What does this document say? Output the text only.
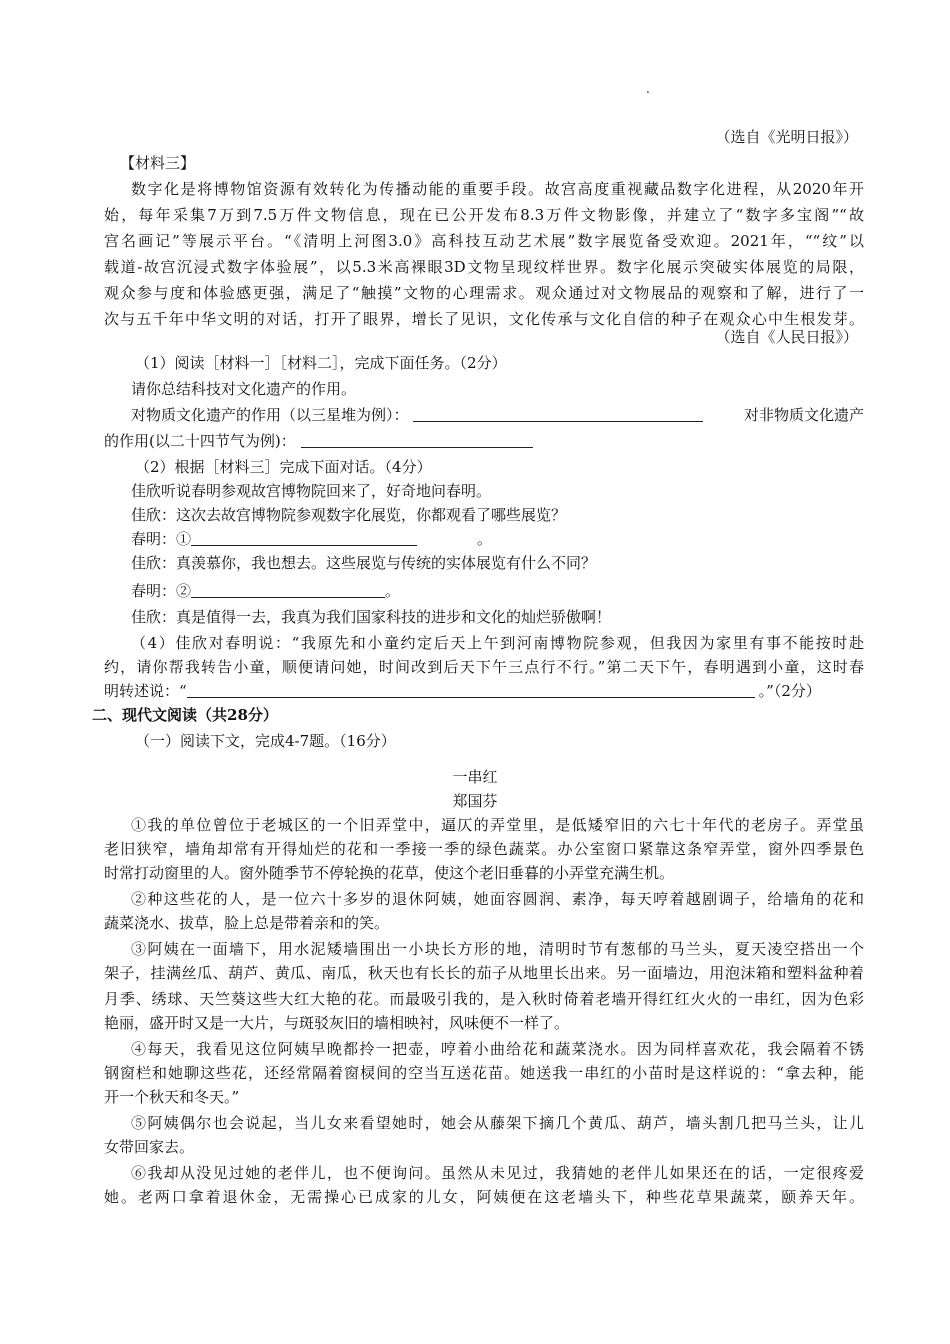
.
（选自《光明日报》）
【材料三】
数字化是将博物馆资源有效转化为传播动能的重要手段。故宫高度重视藏品数字化进程，从2020年开
始，每年采集7万到7.5万件文物信息，现在已公开发布8.3万件文物影像，并建立了“数字多宝阁”“故
宫名画记”等展示平台。“《清明上河图3.0》高科技互动艺术展”数字展览备受欢迎。2021年，““纹”以
载道-故宫沉浸式数字体验展”，以5.3米高裸眼3D文物呈现纹样世界。数字化展示突破实体展览的局限，
观众参与度和体验感更强，满足了“触摸”文物的心理需求。观众通过对文物展品的观察和了解，进行了一
次与五千年中华文明的对话，打开了眼界，增长了见识，文化传承与文化自信的种子在观众心中生根发芽。
（选自《人民日报》）
（1）阅读［材料一］［材料二］，完成下面任务。（2分）
请你总结科技对文化遗产的作用。
对物质文化遗产的作用（以三星堆为例）：	对非物质文化遗产
的作用(以二十四节气为例)：
（2）根据［材料三］完成下面对话。（4分）
佳欣听说春明参观故宫博物院回来了，好奇地问春明。
佳欣：这次去故宫博物院参观数字化展览，你都观看了哪些展览？
春明：①	。
佳欣：真羡慕你，我也想去。这些展览与传统的实体展览有什么不同？
春明：②	。
佳欣：真是值得一去，我真为我们国家科技的进步和文化的灿烂骄傲啊！
（4）佳欣对春明说：“我原先和小童约定后天上午到河南博物院参观，但我因为家里有事不能按时赴
约，请你帮我转告小童，顺便请问她，时间改到后天下午三点行不行。”第二天下午，春明遇到小童，这时春
明转述说：“	。”（2分）
二、现代文阅读（共28分）
（一）阅读下文，完成4-7题。（16分）
一串红
郑国芬
①我的单位曾位于老城区的一个旧弄堂中，逼仄的弄堂里，是低矮窄旧的六七十年代的老房子。弄堂虽
老旧狭窄，墙角却常有开得灿烂的花和一季接一季的绿色蔬菜。办公室窗口紧靠这条窄弄堂，窗外四季景色
时常打动窗里的人。窗外随季节不停轮换的花草，使这个老旧垂暮的小弄堂充满生机。
②种这些花的人，是一位六十多岁的退休阿姨，她面容圆润、素净，每天哼着越剧调子，给墙角的花和
蔬菜浇水、拔草，脸上总是带着亲和的笑。
③阿姨在一面墙下，用水泥矮墙围出一小块长方形的地，清明时节有葱郁的马兰头，夏天凌空搭出一个
架子，挂满丝瓜、葫芦、黄瓜、南瓜，秋天也有长长的茄子从地里长出来。另一面墙边，用泡沫箱和塑料盆种着
月季、绣球、天竺葵这些大红大艳的花。而最吸引我的，是入秋时倚着老墙开得红红火火的一串红，因为色彩
艳丽，盛开时又是一大片，与斑驳灰旧的墙相映衬，风味便不一样了。
④每天，我看见这位阿姨早晚都拎一把壶，哼着小曲给花和蔬菜浇水。因为同样喜欢花，我会隔着不锈
钢窗栏和她聊这些花，还经常隔着窗棂间的空当互送花苗。她送我一串红的小苗时是这样说的：“拿去种，能
开一个秋天和冬天。”
⑤阿姨偶尔也会说起，当儿女来看望她时，她会从藤架下摘几个黄瓜、葫芦，墙头割几把马兰头，让儿
女带回家去。
⑥我却从没见过她的老伴儿，也不便询问。虽然从未见过，我猜她的老伴儿如果还在的话，一定很疼爱
她。老两口拿着退休金，无需操心已成家的儿女，阿姨便在这老墙头下，种些花草果蔬菜，颐养天年。
